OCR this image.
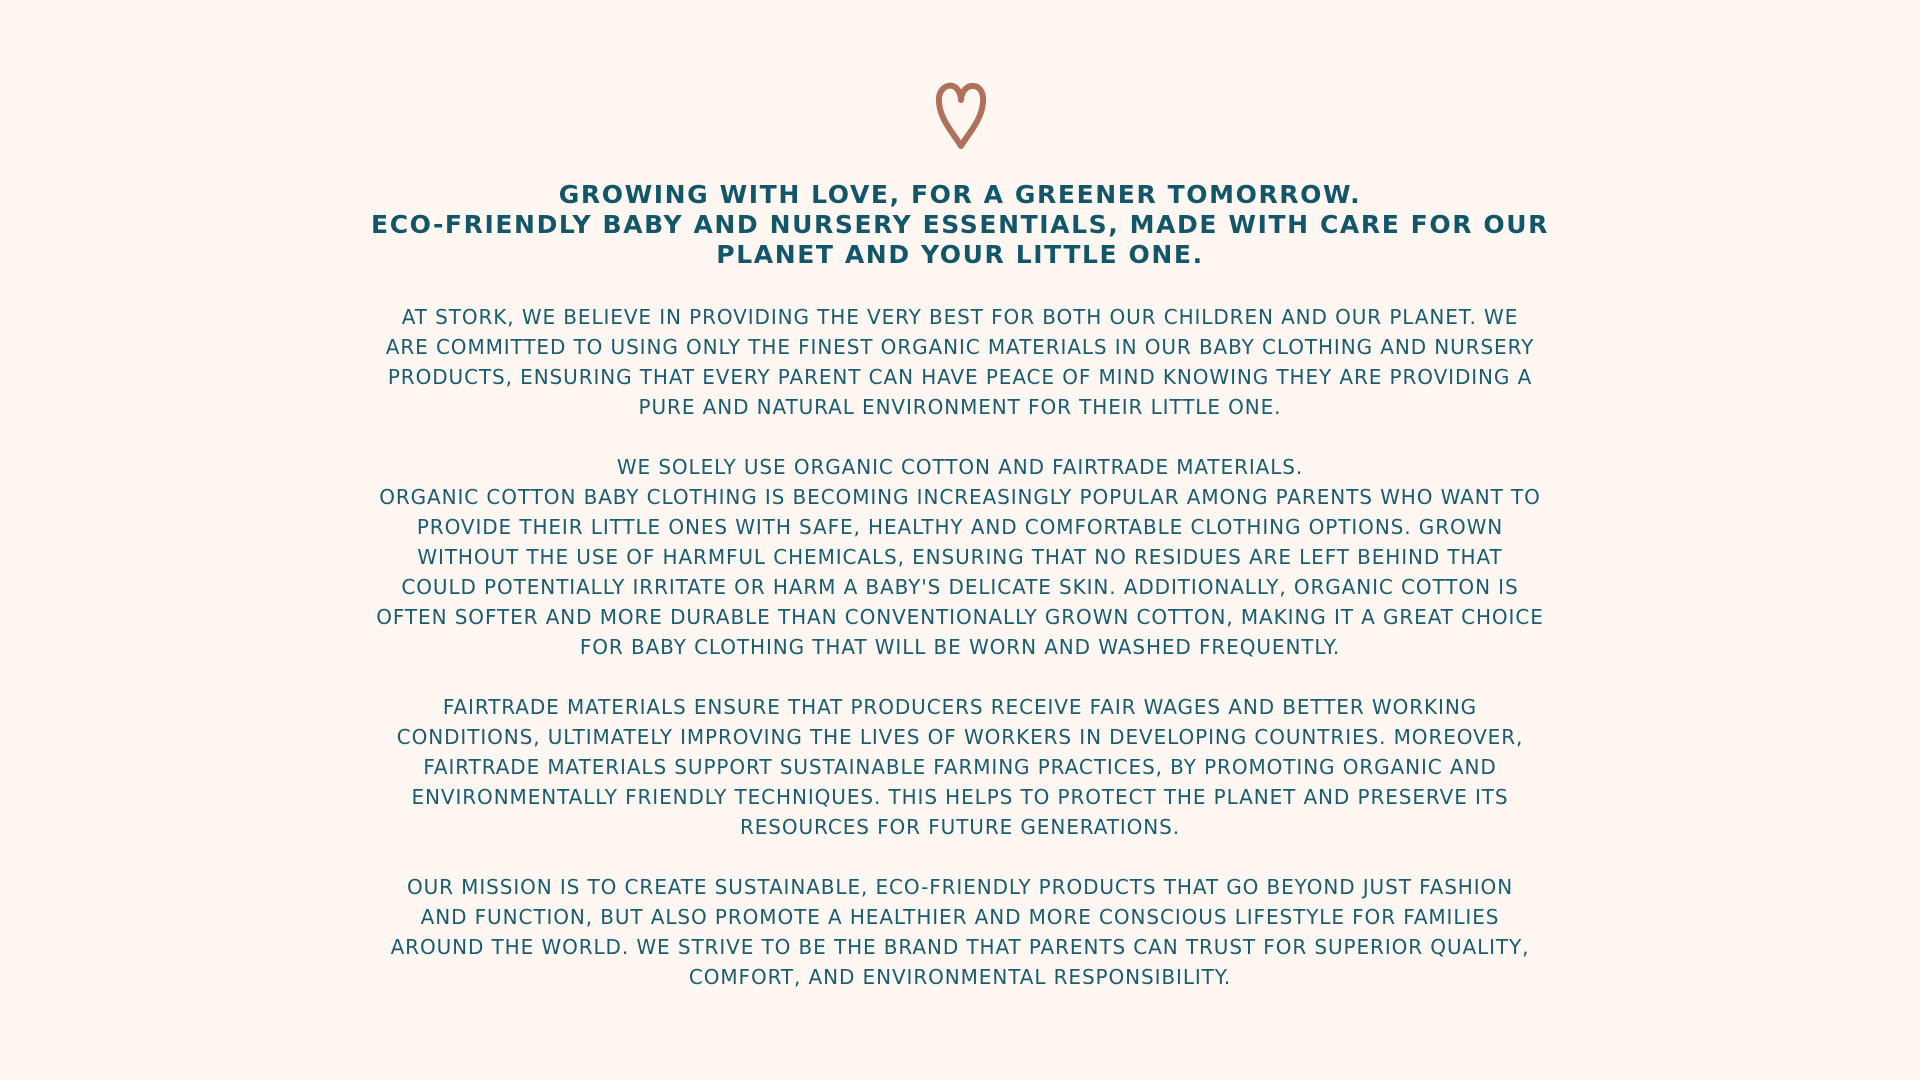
GROWING WITH LOVE, FOR A GREENER TOMORROW.
ECO-FRIENDLY BABY AND NURSERY ESSENTIALS, MADE WITH CARE FOR OUR
PLANET AND YOUR LITTLE ONE.

AT STORK, WE BELIEVE IN PROVIDING THE VERY BEST FOR BOTH OUR CHILDREN AND OUR PLANET. WE
ARE COMMITTED TO USING ONLY THE FINEST ORGANIC MATERIALS IN OUR BABY CLOTHING AND NURSERY
PRODUCTS, ENSURING THAT EVERY PARENT CAN HAVE PEACE OF MIND KNOWING THEY ARE PROVIDING A
PURE AND NATURAL ENVIRONMENT FOR THEIR LITTLE ONE.

WE SOLELY USE ORGANIC COTTON AND FAIRTRADE MATERIALS.
ORGANIC COTTON BABY CLOTHING IS BECOMING INCREASINGLY POPULAR AMONG PARENTS WHO WANT TO
PROVIDE THEIR LITTLE ONES WITH SAFE, HEALTHY AND COMFORTABLE CLOTHING OPTIONS. GROWN
WITHOUT THE USE OF HARMFUL CHEMICALS, ENSURING THAT NO RESIDUES ARE LEFT BEHIND THAT
COULD POTENTIALLY IRRITATE OR HARM A BABY'S DELICATE SKIN. ADDITIONALLY, ORGANIC COTTON IS
OFTEN SOFTER AND MORE DURABLE THAN CONVENTIONALLY GROWN COTTON, MAKING IT A GREAT CHOICE
FOR BABY CLOTHING THAT WILL BE WORN AND WASHED FREQUENTLY.

FAIRTRADE MATERIALS ENSURE THAT PRODUCERS RECEIVE FAIR WAGES AND BETTER WORKING
CONDITIONS, ULTIMATELY IMPROVING THE LIVES OF WORKERS IN DEVELOPING COUNTRIES. MOREOVER,
FAIRTRADE MATERIALS SUPPORT SUSTAINABLE FARMING PRACTICES, BY PROMOTING ORGANIC AND
ENVIRONMENTALLY FRIENDLY TECHNIQUES. THIS HELPS TO PROTECT THE PLANET AND PRESERVE ITS
RESOURCES FOR FUTURE GENERATIONS.

OUR MISSION IS TO CREATE SUSTAINABLE, ECO-FRIENDLY PRODUCTS THAT GO BEYOND JUST FASHION
AND FUNCTION, BUT ALSO PROMOTE A HEALTHIER AND MORE CONSCIOUS LIFESTYLE FOR FAMILIES
AROUND THE WORLD. WE STRIVE TO BE THE BRAND THAT PARENTS CAN TRUST FOR SUPERIOR QUALITY,
COMFORT, AND ENVIRONMENTAL RESPONSIBILITY.
